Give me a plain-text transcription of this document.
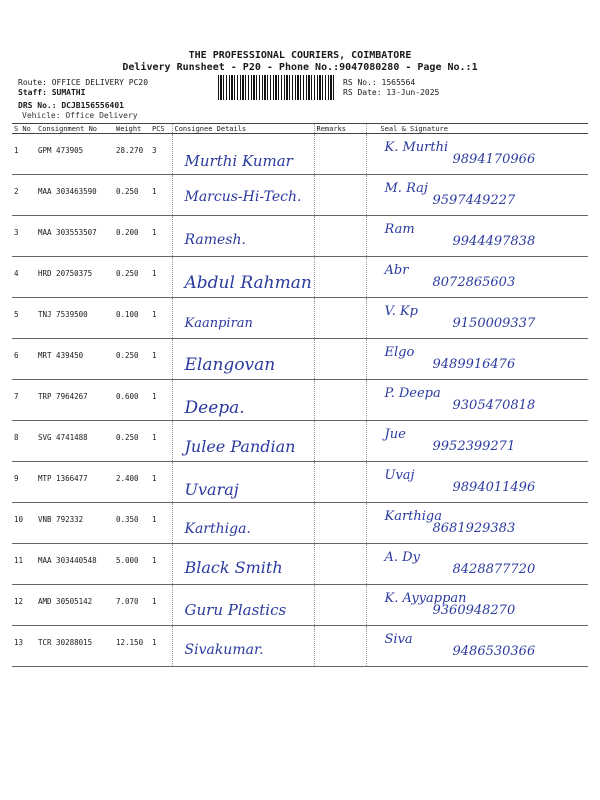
THE PROFESSIONAL COURIERS, COIMBATORE
Delivery Runsheet - P20 - Phone No.:9047080280 - Page No.:1
Route: OFFICE DELIVERY PC20
Staff: SUMATHI
DRS No.: DCJB156556401
Vehicle: Office Delivery
RS No.: 1565564
RS Date: 13-Jun-2025
S No	Consignment No	Weight	PCS	Consignee Details	Remarks	Seal & Signature
1	GPM 473905	28.270	3	Murthi Kumar		K. Murthi
9894170966

2	MAA 303463590	0.250	1	Marcus-Hi-Tech.		M. Raj
9597449227

3	MAA 303553507	0.200	1	Ramesh.		Ram
9944497838

4	HRD 20750375	0.250	1	Abdul Rahman		Abr
8072865603

5	TNJ 7539500	0.100	1	Kaanpiran		V. Kp
9150009337

6	MRT 439450	0.250	1	Elangovan		Elgo
9489916476

7	TRP 7964267	0.600	1	Deepa.		P. Deepa
9305470818

8	SVG 4741488	0.250	1	Julee Pandian		Jue
9952399271

9	MTP 1366477	2.400	1	Uvaraj		Uvaj
9894011496

10	VNB 792332	0.350	1	Karthiga.		Karthiga
8681929383

11	MAA 303440548	5.000	1	Black Smith		A. Dy
8428877720

12	AMD 30505142	7.070	1	Guru Plastics		K. Ayyappan
9360948270

13	TCR 30288015	12.150	1	Sivakumar.		Siva
9486530366
